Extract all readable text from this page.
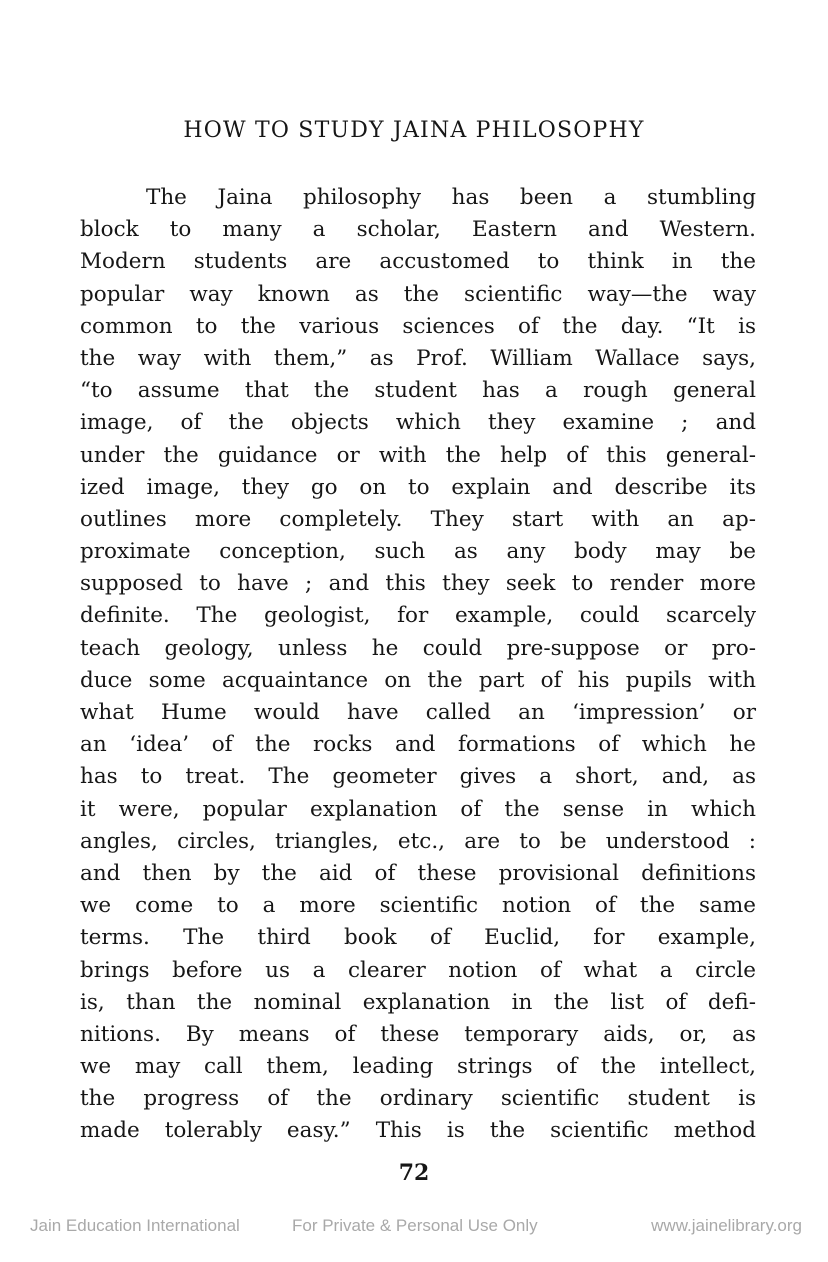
HOW TO STUDY JAINA PHILOSOPHY
The Jaina philosophy has been a stumbling
block to many a scholar, Eastern and Western.
Modern students are accustomed to think in the
popular way known as the scientific way—the way
common to the various sciences of the day. “It is
the way with them,” as Prof. William Wallace says,
“to assume that the student has a rough general
image, of the objects which they examine ; and
under the guidance or with the help of this general-
ized image, they go on to explain and describe its
outlines more completely. They start with an ap-
proximate conception, such as any body may be
supposed to have ; and this they seek to render more
definite. The geologist, for example, could scarcely
teach geology, unless he could pre-suppose or pro-
duce some acquaintance on the part of his pupils with
what Hume would have called an ‘impression’ or
an ‘idea’ of the rocks and formations of which he
has to treat. The geometer gives a short, and, as
it were, popular explanation of the sense in which
angles, circles, triangles, etc., are to be understood :
and then by the aid of these provisional definitions
we come to a more scientific notion of the same
terms. The third book of Euclid, for example,
brings before us a clearer notion of what a circle
is, than the nominal explanation in the list of defi-
nitions. By means of these temporary aids, or, as
we may call them, leading strings of the intellect,
the progress of the ordinary scientific student is
made tolerably easy.” This is the scientific method
72
Jain Education International	For Private & Personal Use Only	www.jainelibrary.org
